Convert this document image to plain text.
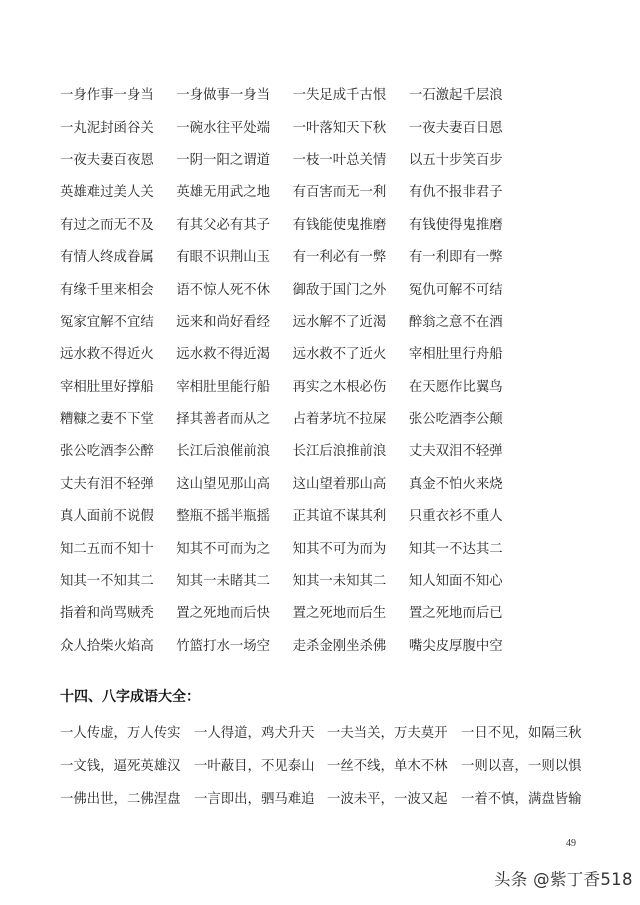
一身作事一身当	一身做事一身当	一失足成千古恨	一石激起千层浪
一丸泥封函谷关	一碗水往平处端	一叶落知天下秋	一夜夫妻百日恩
一夜夫妻百夜恩	一阴一阳之谓道	一枝一叶总关情	以五十步笑百步
英雄难过美人关	英雄无用武之地	有百害而无一利	有仇不报非君子
有过之而无不及	有其父必有其子	有钱能使鬼推磨	有钱使得鬼推磨
有情人终成眷属	有眼不识荆山玉	有一利必有一弊	有一利即有一弊
有缘千里来相会	语不惊人死不休	御敌于国门之外	冤仇可解不可结
冤家宜解不宜结	远来和尚好看经	远水解不了近渴	醉翁之意不在酒
远水救不得近火	远水救不得近渴	远水救不了近火	宰相肚里行舟船
宰相肚里好撑船	宰相肚里能行船	再实之木根必伤	在天愿作比翼鸟
糟糠之妻不下堂	择其善者而从之	占着茅坑不拉屎	张公吃酒李公颠
张公吃酒李公醉	长江后浪催前浪	长江后浪推前浪	丈夫双泪不轻弹
丈夫有泪不轻弹	这山望见那山高	这山望着那山高	真金不怕火来烧
真人面前不说假	整瓶不摇半瓶摇	正其谊不谋其利	只重衣衫不重人
知二五而不知十	知其不可而为之	知其不可为而为	知其一不达其二
知其一不知其二	知其一未睹其二	知其一未知其二	知人知面不知心
指着和尚骂贼秃	置之死地而后快	置之死地而后生	置之死地而后已
众人拾柴火焰高	竹篮打水一场空	走杀金刚坐杀佛	嘴尖皮厚腹中空
十四、八字成语大全：
一人传虚，万人传实	一人得道，鸡犬升天 一夫当关，万夫莫开	一日不见，如隔三秋
一文钱，逼死英雄汉	一叶蔽目，不见泰山 一丝不线，单木不林	一则以喜，一则以惧
一佛出世，二佛涅盘	一言即出，驷马难追 一波未平，一波又起	一着不慎，满盘皆输
49
头条 @紫丁香518
